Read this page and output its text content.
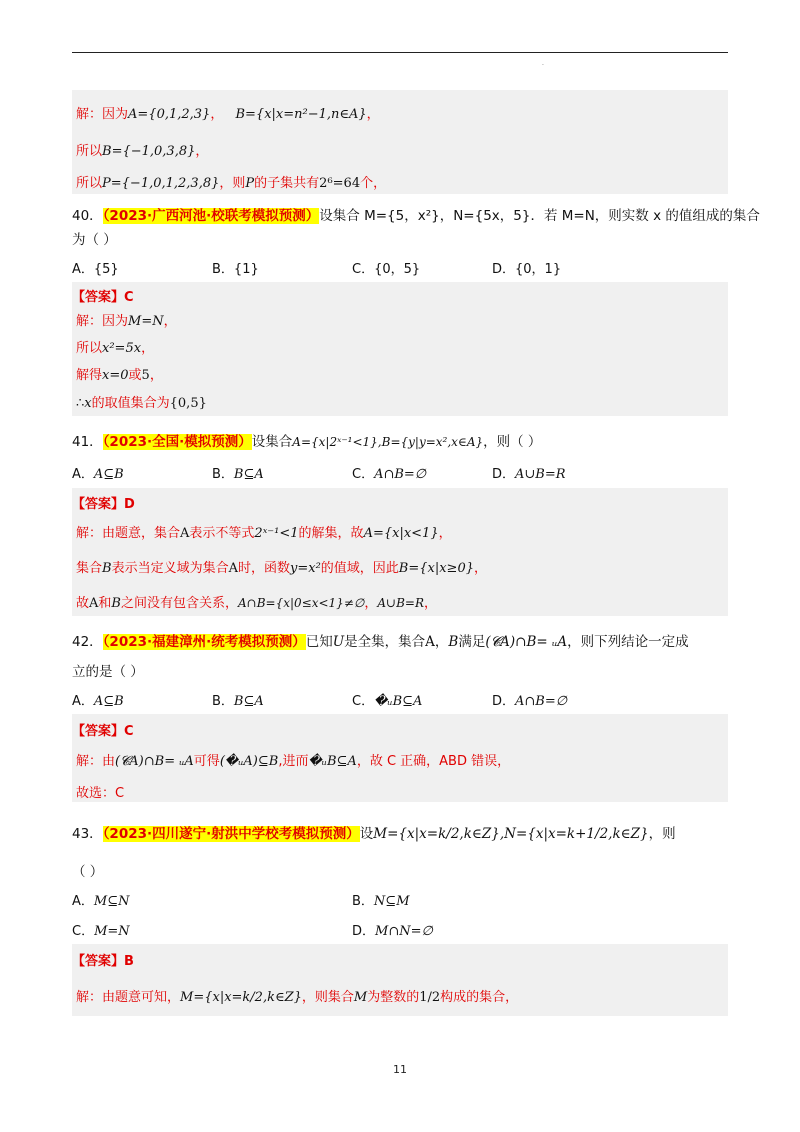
·
解：因为A={0,1,2,3}， B={x|x=n²−1,n∈A}，
所以B={−1,0,3,8}，
所以P={−1,0,1,2,3,8}，则P的子集共有2⁶=64个，
40．（2023·广西河池·校联考模拟预测）设集合 M={5，x²}，N={5x，5}．若 M=N，则实数 x 的值组成的集合
为（ ）
A．{5}	B．{1}	C．{0，5}	D．{0，1}
【答案】C
解：因为M=N，
所以x²=5x，
解得x=0或5，
∴x的取值集合为{0,5}
41．（2023·全国·模拟预测）设集合A={x|2ˣ⁻¹<1},B={y|y=x²,x∈A}，则（ ）
A．A⊆B	B．B⊆A	C．A∩B=∅	D．A∪B=R
【答案】D
解：由题意，集合A表示不等式2ˣ⁻¹<1的解集，故A={x|x<1}，
集合B表示当定义域为集合A时，函数y=x²的值域，因此B={x|x≥0}，
故A和B之间没有包含关系，A∩B={x|0≤x<1}≠∅，A∪B=R，
42．（2023·福建漳州·统考模拟预测）已知U是全集，集合A，B满足(𝓒A)∩B= ᵤA，则下列结论一定成
立的是（ ）
A．A⊆B	B．B⊆A	C．�ᵤB⊆A	D．A∩B=∅
【答案】C
解：由(𝓒A)∩B= ᵤA可得(�ᵤA)⊆B,进而�ᵤB⊆A，故 C 正确，ABD 错误，
故选：C
43．（2023·四川遂宁·射洪中学校考模拟预测）设M={x|x=k/2,k∈Z},N={x|x=k+1/2,k∈Z}，则
（ ）
A．M⊆N	B．N⊆M
C．M=N	D．M∩N=∅
【答案】B
解：由题意可知，M={x|x=k/2,k∈Z}，则集合M为整数的1/2构成的集合，
11
